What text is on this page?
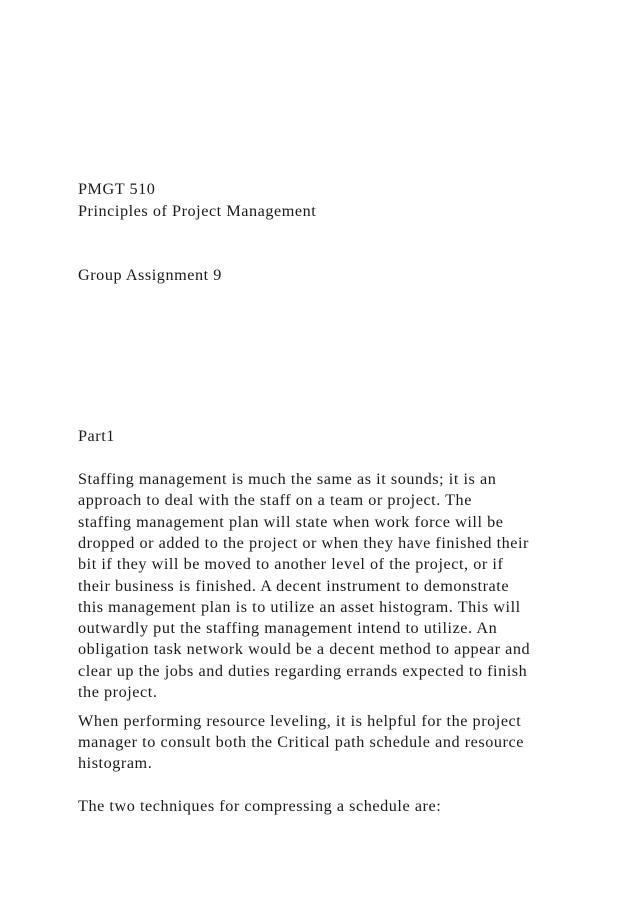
PMGT 510
Principles of Project Management
Group Assignment 9
Part1
Staffing management is much the same as it sounds; it is an
approach to deal with the staff on a team or project. The
staffing management plan will state when work force will be
dropped or added to the project or when they have finished their
bit if they will be moved to another level of the project, or if
their business is finished. A decent instrument to demonstrate
this management plan is to utilize an asset histogram. This will
outwardly put the staffing management intend to utilize. An
obligation task network would be a decent method to appear and
clear up the jobs and duties regarding errands expected to finish
the project.
When performing resource leveling, it is helpful for the project
manager to consult both the Critical path schedule and resource
histogram.
The two techniques for compressing a schedule are:
